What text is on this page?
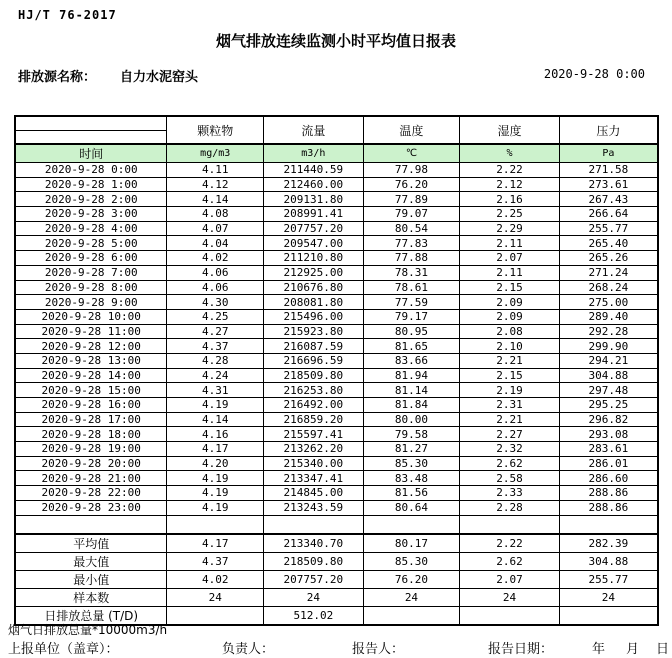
HJ/T 76-2017
烟气排放连续监测小时平均值日报表
排放源名称： 自力水泥窑头	2020-9-28 0:00
	颗粒物	流量	温度	湿度	压力

时间	mg/m3	m3/h	℃	%	Pa
2020-9-28 0:00	4.11	211440.59	77.98	2.22	271.58
2020-9-28 1:00	4.12	212460.00	76.20	2.12	273.61
2020-9-28 2:00	4.14	209131.80	77.89	2.16	267.43
2020-9-28 3:00	4.08	208991.41	79.07	2.25	266.64
2020-9-28 4:00	4.07	207757.20	80.54	2.29	255.77
2020-9-28 5:00	4.04	209547.00	77.83	2.11	265.40
2020-9-28 6:00	4.02	211210.80	77.88	2.07	265.26
2020-9-28 7:00	4.06	212925.00	78.31	2.11	271.24
2020-9-28 8:00	4.06	210676.80	78.61	2.15	268.24
2020-9-28 9:00	4.30	208081.80	77.59	2.09	275.00
2020-9-28 10:00	4.25	215496.00	79.17	2.09	289.40
2020-9-28 11:00	4.27	215923.80	80.95	2.08	292.28
2020-9-28 12:00	4.37	216087.59	81.65	2.10	299.90
2020-9-28 13:00	4.28	216696.59	83.66	2.21	294.21
2020-9-28 14:00	4.24	218509.80	81.94	2.15	304.88
2020-9-28 15:00	4.31	216253.80	81.14	2.19	297.48
2020-9-28 16:00	4.19	216492.00	81.84	2.31	295.25
2020-9-28 17:00	4.14	216859.20	80.00	2.21	296.82
2020-9-28 18:00	4.16	215597.41	79.58	2.27	293.08
2020-9-28 19:00	4.17	213262.20	81.27	2.32	283.61
2020-9-28 20:00	4.20	215340.00	85.30	2.62	286.01
2020-9-28 21:00	4.19	213347.41	83.48	2.58	286.60
2020-9-28 22:00	4.19	214845.00	81.56	2.33	288.86
2020-9-28 23:00	4.19	213243.59	80.64	2.28	288.86

平均值	4.17	213340.70	80.17	2.22	282.39
最大值	4.37	218509.80	85.30	2.62	304.88
最小值	4.02	207757.20	76.20	2.07	255.77
样本数	24	24	24	24	24
日排放总量 (T/D)		512.02			
烟气日排放总量*10000m3/h
上报单位（盖章）：	负责人：	报告人：	报告日期：	年 月 日
